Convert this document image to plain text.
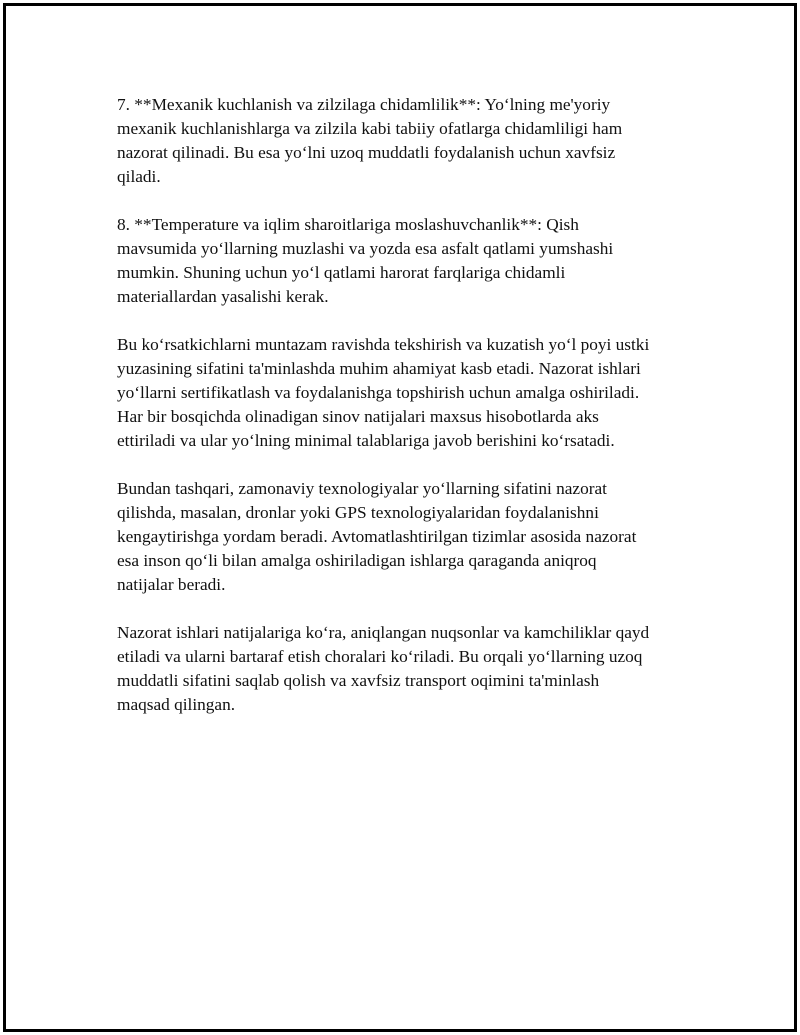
7. **Mexanik kuchlanish va zilzilaga chidamlilik**: Yo‘lning me'yoriy
mexanik kuchlanishlarga va zilzila kabi tabiiy ofatlarga chidamliligi ham
nazorat qilinadi. Bu esa yo‘lni uzoq muddatli foydalanish uchun xavfsiz
qiladi.

8. **Temperature va iqlim sharoitlariga moslashuvchanlik**: Qish
mavsumida yo‘llarning muzlashi va yozda esa asfalt qatlami yumshashi
mumkin. Shuning uchun yo‘l qatlami harorat farqlariga chidamli
materiallardan yasalishi kerak.

Bu ko‘rsatkichlarni muntazam ravishda tekshirish va kuzatish yo‘l poyi ustki
yuzasining sifatini ta'minlashda muhim ahamiyat kasb etadi. Nazorat ishlari
yo‘llarni sertifikatlash va foydalanishga topshirish uchun amalga oshiriladi.
Har bir bosqichda olinadigan sinov natijalari maxsus hisobotlarda aks
ettiriladi va ular yo‘lning minimal talablariga javob berishini ko‘rsatadi.

Bundan tashqari, zamonaviy texnologiyalar yo‘llarning sifatini nazorat
qilishda, masalan, dronlar yoki GPS texnologiyalaridan foydalanishni
kengaytirishga yordam beradi. Avtomatlashtirilgan tizimlar asosida nazorat
esa inson qo‘li bilan amalga oshiriladigan ishlarga qaraganda aniqroq
natijalar beradi.

Nazorat ishlari natijalariga ko‘ra, aniqlangan nuqsonlar va kamchiliklar qayd
etiladi va ularni bartaraf etish choralari ko‘riladi. Bu orqali yo‘llarning uzoq
muddatli sifatini saqlab qolish va xavfsiz transport oqimini ta'minlash
maqsad qilingan.
